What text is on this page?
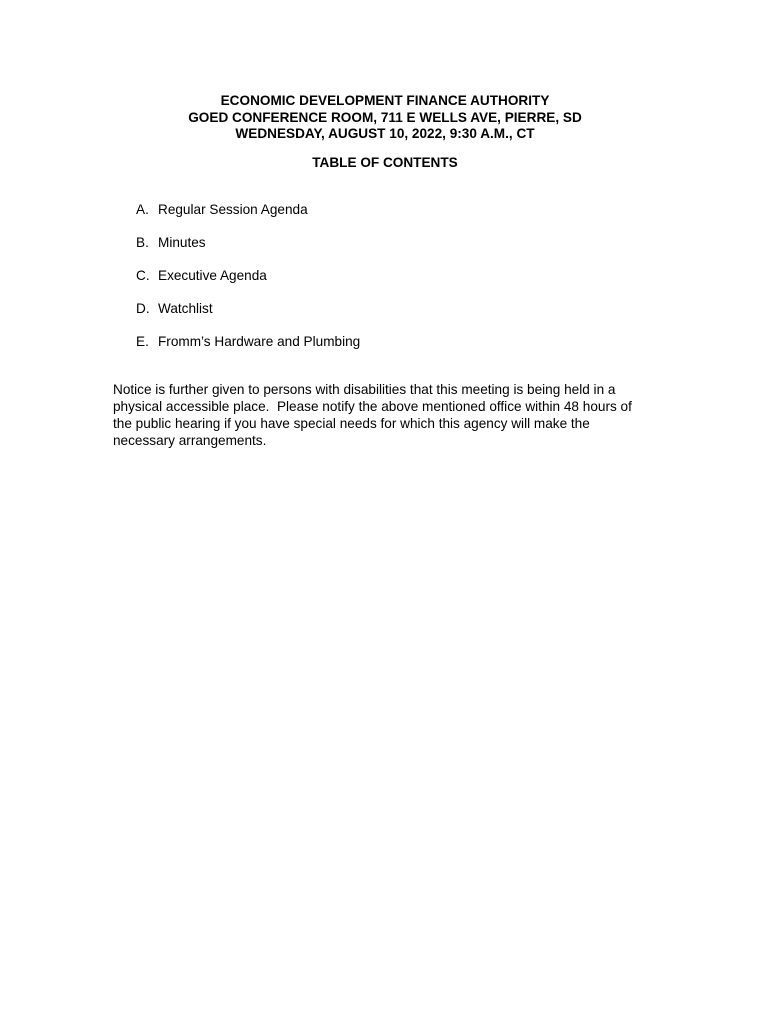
ECONOMIC DEVELOPMENT FINANCE AUTHORITY
GOED CONFERENCE ROOM, 711 E WELLS AVE, PIERRE, SD
WEDNESDAY, AUGUST 10, 2022, 9:30 A.M., CT
TABLE OF CONTENTS
A. Regular Session Agenda
B. Minutes
C. Executive Agenda
D. Watchlist
E. Fromm’s Hardware and Plumbing

Notice is further given to persons with disabilities that this meeting is being held in a
physical accessible place.  Please notify the above mentioned office within 48 hours of
the public hearing if you have special needs for which this agency will make the
necessary arrangements.
